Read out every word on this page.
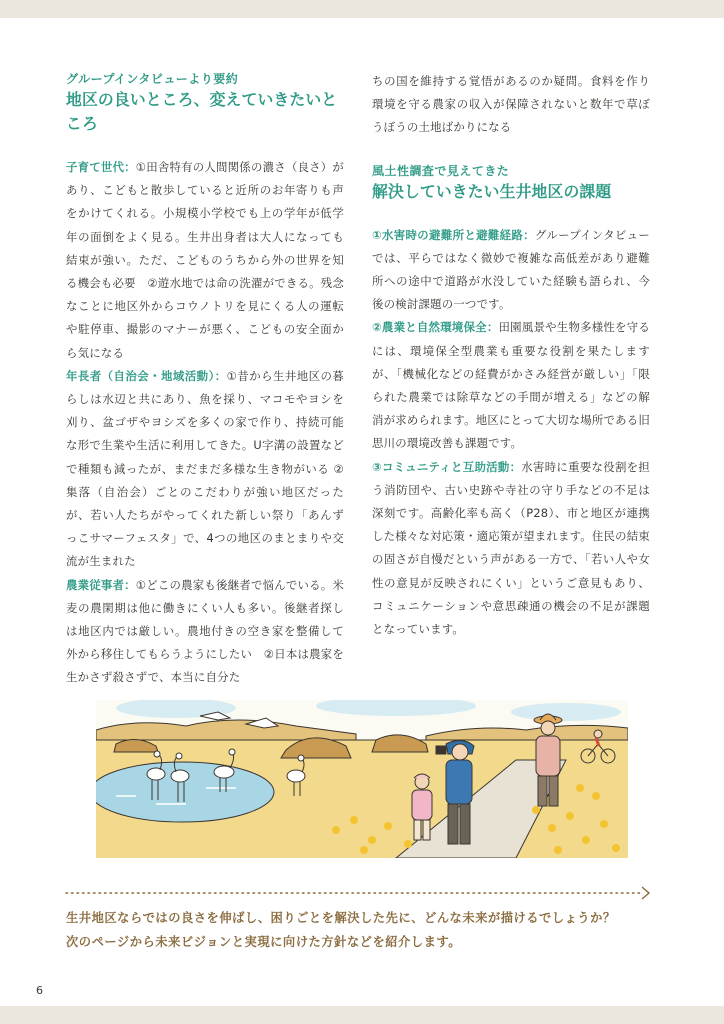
グループインタビューより要約
地区の良いところ、変えていきたいところ

子育て世代：①田舎特有の人間関係の濃さ（良さ）があり、こどもと散歩していると近所のお年寄りも声をかけてくれる。小規模小学校でも上の学年が低学年の面倒をよく見る。生井出身者は大人になっても結束が強い。ただ、こどものうちから外の世界を知る機会も必要　②遊水地では命の洗濯ができる。残念なことに地区外からコウノトリを見にくる人の運転や駐停車、撮影のマナーが悪く、こどもの安全面から気になる

年長者（自治会・地域活動）：①昔から生井地区の暮らしは水辺と共にあり、魚を採り、マコモやヨシを刈り、盆ゴザやヨシズを多くの家で作り、持続可能な形で生業や生活に利用してきた。U字溝の設置などで種類も減ったが、まだまだ多様な生き物がいる ②集落（自治会）ごとのこだわりが強い地区だったが、若い人たちがやってくれた新しい祭り「あんずっこサマーフェスタ」で、4つの地区のまとまりや交流が生まれた

農業従事者：①どこの農家も後継者で悩んでいる。米麦の農閑期は他に働きにくい人も多い。後継者探しは地区内では厳しい。農地付きの空き家を整備して外から移住してもらうようにしたい　②日本は農家を生かさず殺さずで、本当に自分た

ちの国を維持する覚悟があるのか疑問。食料を作り環境を守る農家の収入が保障されないと数年で草ぼうぼうの土地ばかりになる

風土性調査で見えてきた
解決していきたい生井地区の課題

①水害時の避難所と避難経路：グループインタビューでは、平らではなく微妙で複雑な高低差があり避難所への途中で道路が水没していた経験も語られ、今後の検討課題の一つです。

②農業と自然環境保全：田園風景や生物多様性を守るには、環境保全型農業も重要な役割を果たしますが、「機械化などの経費がかさみ経営が厳しい」「限られた農業では除草などの手間が増える」などの解消が求められます。地区にとって大切な場所である旧思川の環境改善も課題です。

③コミュニティと互助活動：水害時に重要な役割を担う消防団や、古い史跡や寺社の守り手などの不足は深刻です。高齢化率も高く（P28）、市と地区が連携した様々な対応策・適応策が望まれます。住民の結束の固さが自慢だという声がある一方で、「若い人や女性の意見が反映されにくい」というご意見もあり、コミュニケーションや意思疎通の機会の不足が課題となっています。

生井地区ならではの良さを伸ばし、困りごとを解決した先に、どんな未来が描けるでしょうか？
次のページから未来ビジョンと実現に向けた方針などを紹介します。
6
